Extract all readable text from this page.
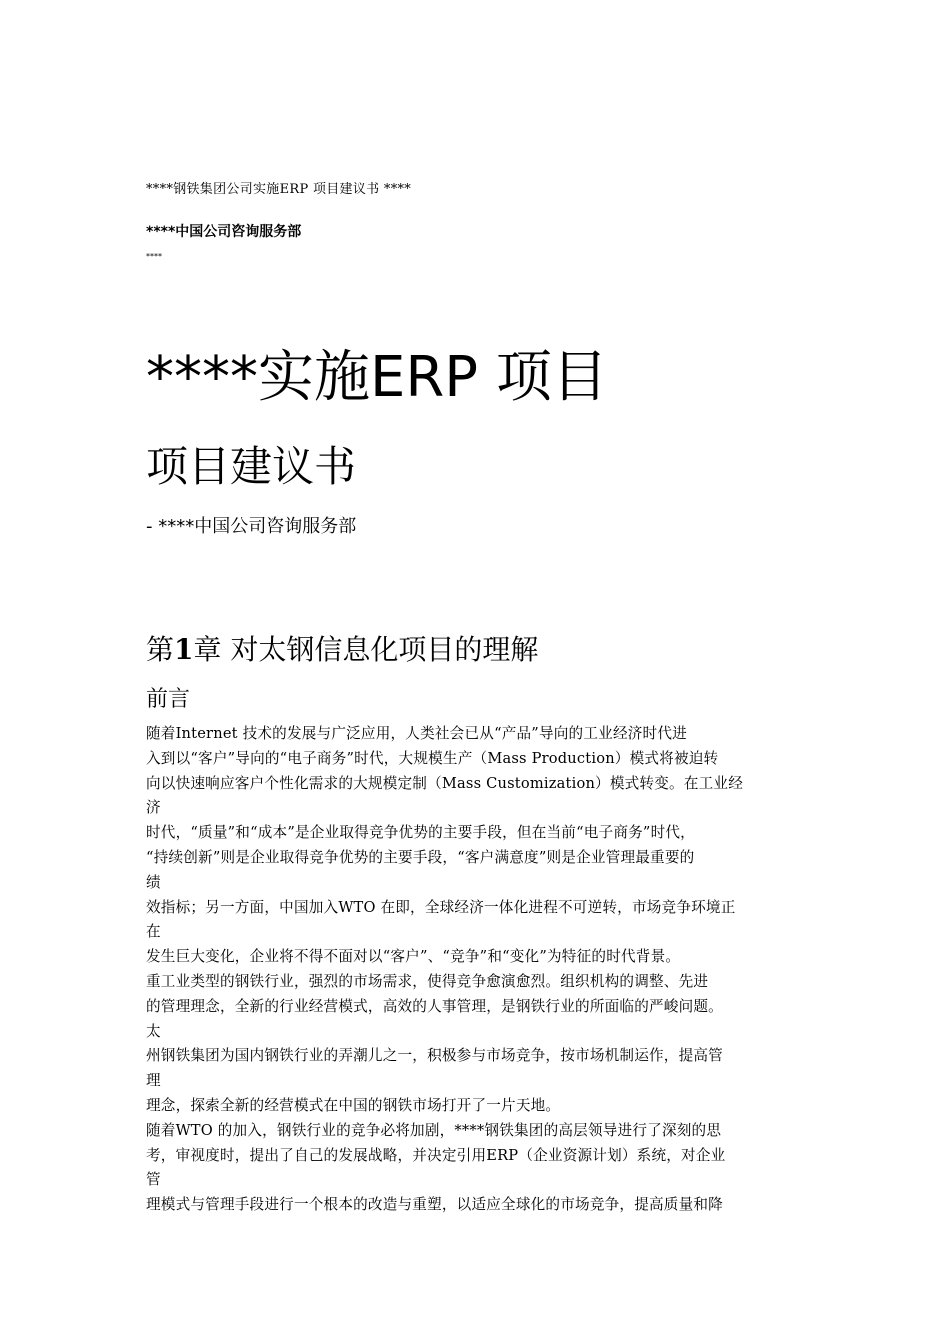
****钢铁集团公司实施ERP 项目建议书 ****
****中国公司咨询服务部
****
****实施ERP 项目
项目建议书
- ****中国公司咨询服务部
第1章 对太钢信息化项目的理解
前言
随着Internet 技术的发展与广泛应用，人类社会已从“产品”导向的工业经济时代进
入到以“客户”导向的“电子商务”时代，大规模生产（Mass Production）模式将被迫转
向以快速响应客户个性化需求的大规模定制（Mass Customization）模式转变。在工业经
济
时代，“质量”和“成本”是企业取得竞争优势的主要手段，但在当前“电子商务”时代，
“持续创新”则是企业取得竞争优势的主要手段，“客户满意度”则是企业管理最重要的
绩
效指标；另一方面，中国加入WTO 在即，全球经济一体化进程不可逆转，市场竞争环境正
在
发生巨大变化，企业将不得不面对以“客户”、“竞争”和“变化”为特征的时代背景。
重工业类型的钢铁行业，强烈的市场需求，使得竞争愈演愈烈。组织机构的调整、先进
的管理理念，全新的行业经营模式，高效的人事管理，是钢铁行业的所面临的严峻问题。
太
州钢铁集团为国内钢铁行业的弄潮儿之一，积极参与市场竞争，按市场机制运作，提高管
理
理念，探索全新的经营模式在中国的钢铁市场打开了一片天地。
随着WTO 的加入，钢铁行业的竞争必将加剧，****钢铁集团的高层领导进行了深刻的思
考，审视度时，提出了自己的发展战略，并决定引用ERP（企业资源计划）系统，对企业
管
理模式与管理手段进行一个根本的改造与重塑，以适应全球化的市场竞争，提高质量和降
